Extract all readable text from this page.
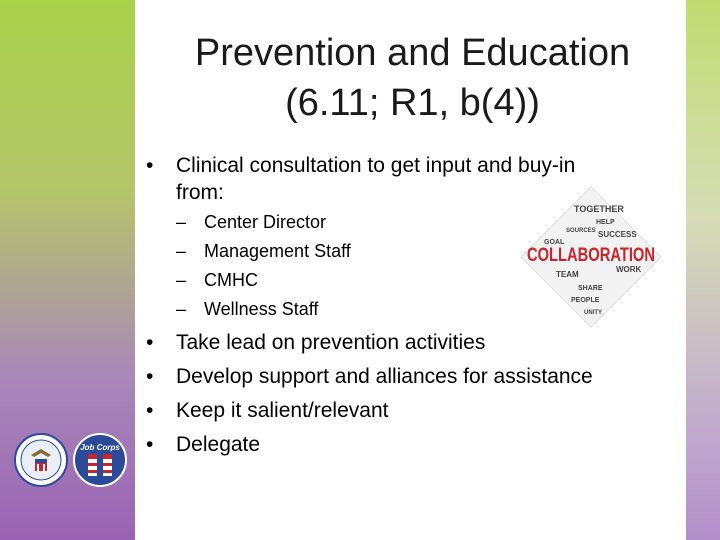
Prevention and Education
(6.11; R1, b(4))
• Clinical consultation to get input and buy-in
from:
– Center Director
– Management Staff
– CMHC
– Wellness Staff
• Take lead on prevention activities
• Develop support and alliances for assistance
• Keep it salient/relevant
• Delegate
TOGETHER
HELP
SUCCESS
SOURCES
GOAL
WORK
TEAM
SHARE
PEOPLE
UNITY
COLLABORATION
Job Corps
